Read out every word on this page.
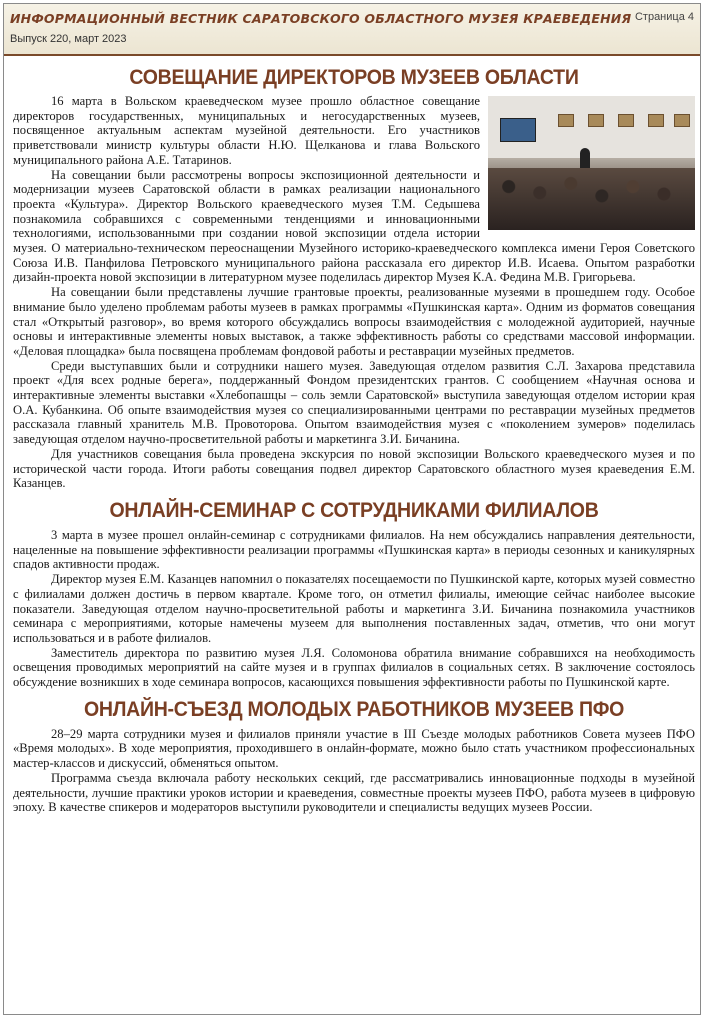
ИНФОРМАЦИОННЫЙ ВЕСТНИК САРАТОВСКОГО ОБЛАСТНОГО МУЗЕЯ КРАЕВЕДЕНИЯ
Выпуск 220, март 2023
Страница 4
СОВЕЩАНИЕ ДИРЕКТОРОВ МУЗЕЕВ ОБЛАСТИ

16 марта в Вольском краеведческом музее прошло областное совещание директоров государственных, муниципальных и негосударственных музеев, посвященное актуальным аспектам музейной деятельности. Его участников приветствовали министр культуры области Н.Ю. Щелканова и глава Вольского муниципального района А.Е. Татаринов.

На совещании были рассмотрены вопросы экспозиционной деятельности и модернизации музеев Саратовской области в рамках реализации национального проекта «Культура». Директор Вольского краеведческого музея Т.М. Седышева познакомила собравшихся с современными тенденциями и инновационными технологиями, использованными при создании новой экспозиции отдела истории музея. О материально-техническом переоснащении Музейного историко-краеведческого комплекса имени Героя Советского Союза И.В. Панфилова Петровского муниципального района рассказала его директор И.В. Исаева. Опытом разработки дизайн-проекта новой экспозиции в литературном музее поделилась директор Музея К.А. Федина М.В. Григорьева.

На совещании были представлены лучшие грантовые проекты, реализованные музеями в прошедшем году. Особое внимание было уделено проблемам работы музеев в рамках программы «Пушкинская карта». Одним из форматов совещания стал «Открытый разговор», во время которого обсуждались вопросы взаимодействия с молодежной аудиторией, научные основы и интерактивные элементы новых выставок, а также эффективность работы со средствами массовой информации. «Деловая площадка» была посвящена проблемам фондовой работы и реставрации музейных предметов.

Среди выступавших были и сотрудники нашего музея. Заведующая отделом развития С.Л. Захарова представила проект «Для всех родные берега», поддержанный Фондом президентских грантов. С сообщением «Научная основа и интерактивные элементы выставки «Хлебопашцы – соль земли Саратовской» выступила заведующая отделом истории края О.А. Кубанкина. Об опыте взаимодействия музея со специализированными центрами по реставрации музейных предметов рассказала главный хранитель М.В. Провоторова. Опытом взаимодействия музея с «поколением зумеров» поделилась заведующая отделом научно-просветительной работы и маркетинга З.И. Бичанина.

Для участников совещания была проведена экскурсия по новой экспозиции Вольского краеведческого музея и по исторической части города. Итоги работы совещания подвел директор Саратовского областного музея краеведения Е.М. Казанцев.

ОНЛАЙН-СЕМИНАР С СОТРУДНИКАМИ ФИЛИАЛОВ

3 марта в музее прошел онлайн-семинар с сотрудниками филиалов. На нем обсуждались направления деятельности, нацеленные на повышение эффективности реализации программы «Пушкинская карта» в периоды сезонных и каникулярных спадов активности продаж.

Директор музея Е.М. Казанцев напомнил о показателях посещаемости по Пушкинской карте, которых музей совместно с филиалами должен достичь в первом квартале. Кроме того, он отметил филиалы, имеющие сейчас наиболее высокие показатели. Заведующая отделом научно-просветительной работы и маркетинга З.И. Бичанина познакомила участников семинара с мероприятиями, которые намечены музеем для выполнения поставленных задач, отметив, что они могут использоваться и в работе филиалов.

Заместитель директора по развитию музея Л.Я. Соломонова обратила внимание собравшихся на необходимость освещения проводимых мероприятий на сайте музея и в группах филиалов в социальных сетях. В заключение состоялось обсуждение возникших в ходе семинара вопросов, касающихся повышения эффективности работы по Пушкинской карте.

ОНЛАЙН-СЪЕЗД МОЛОДЫХ РАБОТНИКОВ МУЗЕЕВ ПФО

28–29 марта сотрудники музея и филиалов приняли участие в III Съезде молодых работников Совета музеев ПФО «Время молодых». В ходе мероприятия, проходившего в онлайн-формате, можно было стать участником профессиональных мастер-классов и дискуссий, обменяться опытом.

Программа съезда включала работу нескольких секций, где рассматривались инновационные подходы в музейной деятельности, лучшие практики уроков истории и краеведения, совместные проекты музеев ПФО, работа музеев в цифровую эпоху. В качестве спикеров и модераторов выступили руководители и специалисты ведущих музеев России.
